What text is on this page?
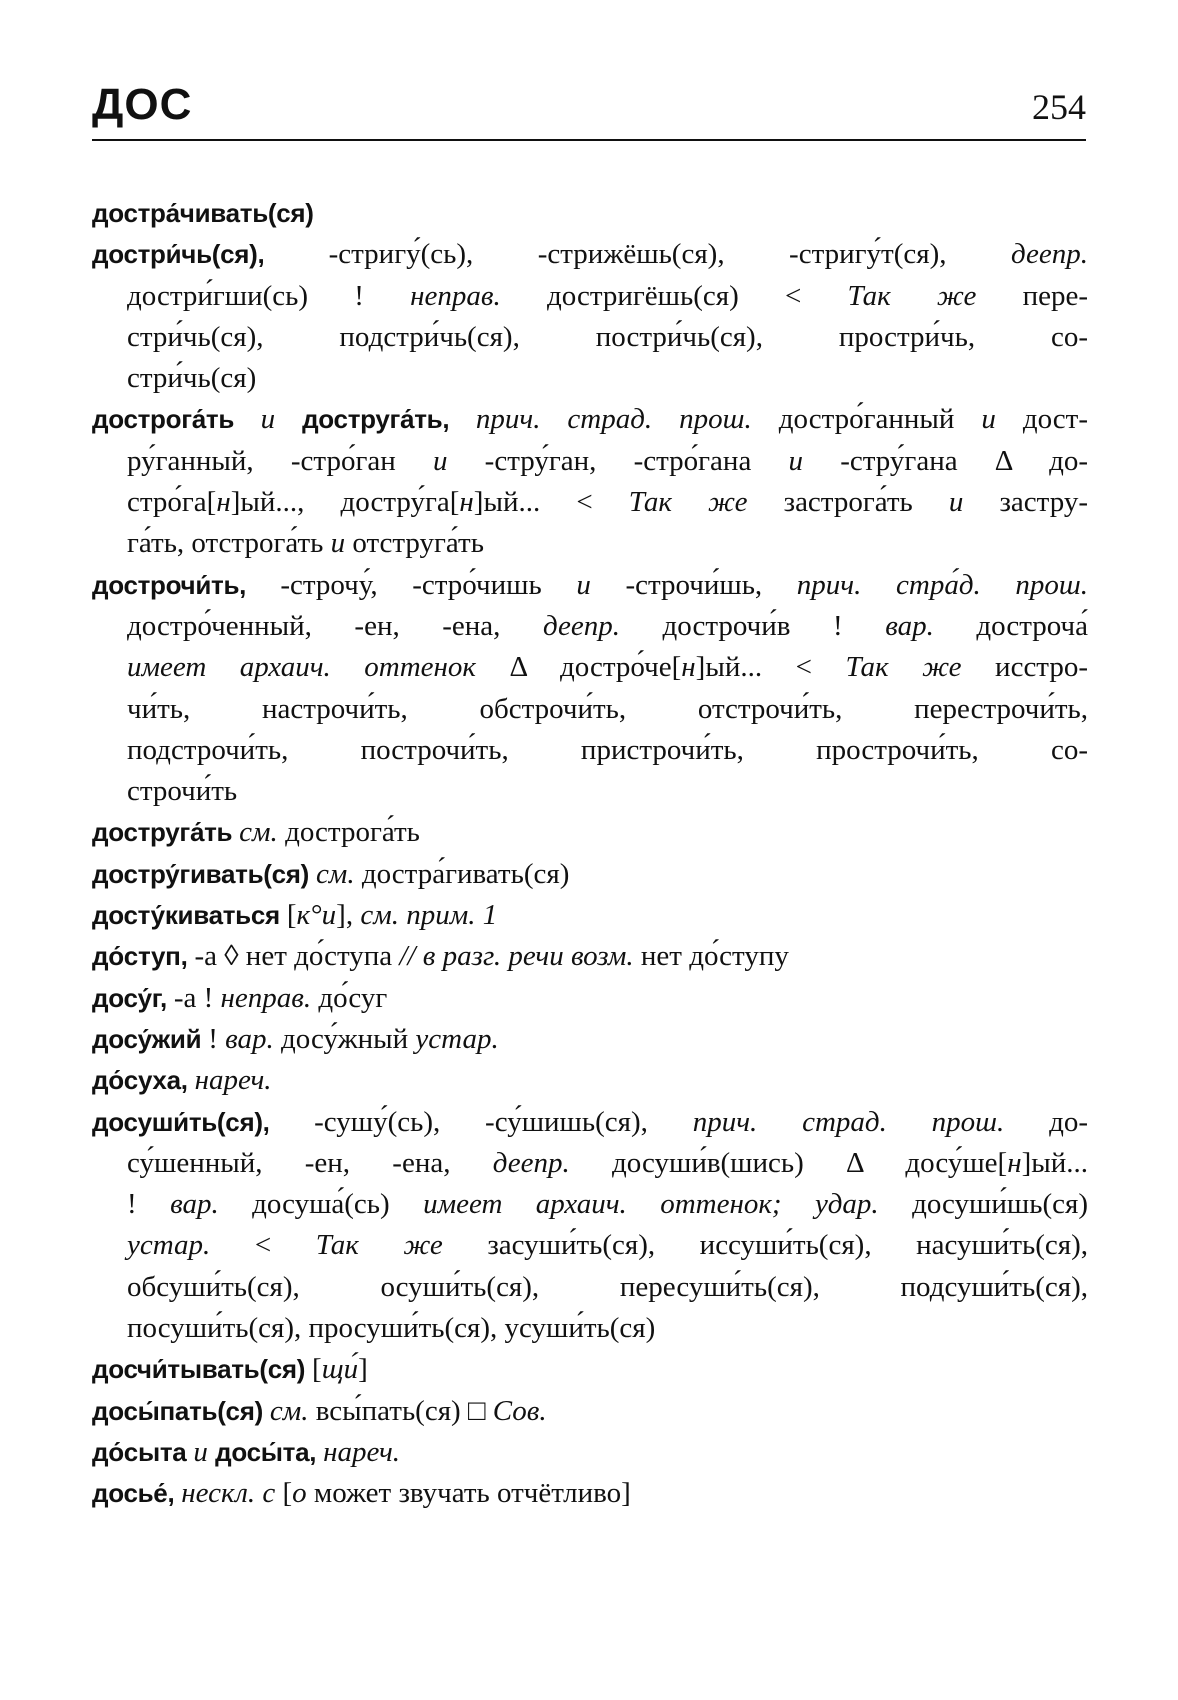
ДОС	254
достра́чивать(ся)
достри́чь(ся), -стригу́(сь), -стрижёшь(ся), -стригу́т(ся), деепр.
достри́гши(сь) ! неправ. достригёшь(ся) < Так же пере-
стри́чь(ся), подстри́чь(ся), постри́чь(ся), простри́чь, со-
стри́чь(ся)
дострога́ть и доструга́ть, прич. страд. прош. достро́ганный и дост-
ру́ганный, -стро́ган и -стру́ган, -стро́гана и -стру́гана Δ до-
стро́га[н]ый..., достру́га[н]ый... < Так же застрога́ть и застру-
га́ть, отстрога́ть и отструга́ть
дострочи́ть, -строчу́, -стро́чишь и -строчи́шь, прич. стра́д. прош.
достро́ченный, -ен, -ена, деепр. дострочи́в ! вар. достроча́
имеет архаич. оттенок Δ достро́че[н]ый... < Так же исстро-
чи́ть, настрочи́ть, обстрочи́ть, отстрочи́ть, перестрочи́ть,
подстрочи́ть, построчи́ть, пристрочи́ть, прострочи́ть, со-
строчи́ть
доструга́ть см. дострога́ть
достру́гивать(ся) см. достра́гивать(ся)
досту́киваться [к°и], см. прим. 1
до́ступ, -а ◊ нет до́ступа // в разг. речи возм. нет до́ступу
досу́г, -а ! неправ. до́суг
досу́жий ! вар. досу́жный устар.
до́суха, нареч.
досуши́ть(ся), -сушу́(сь), -су́шишь(ся), прич. страд. прош. до-
су́шенный, -ен, -ена, деепр. досуши́в(шись) Δ досу́ше[н]ый...
! вар. досуша́(сь) имеет архаич. оттенок; удар. досуши́шь(ся)
устар. < Так же засуши́ть(ся), иссуши́ть(ся), насуши́ть(ся),
обсуши́ть(ся), осуши́ть(ся), пересуши́ть(ся), подсуши́ть(ся),
посуши́ть(ся), просуши́ть(ся), усуши́ть(ся)
досчи́тывать(ся) [щи́]
досы́пать(ся) см. всы́пать(ся) □ Сов.
до́сыта и досы́та, нареч.
досье́, нескл. с [о может звучать отчётливо]
